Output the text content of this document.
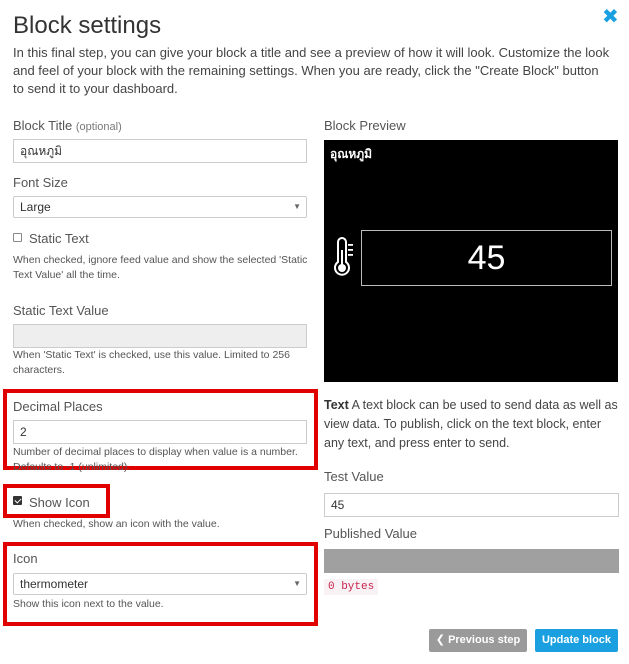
Block settings	✖
In this final step, you can give your block a title and see a preview of how it will look. Customize the look and feel of your block with the remaining settings. When you are ready, click the "Create Block" button to send it to your dashboard.
Block Title (optional)
อุณหภูมิ
Font Size
Large	▼
Static Text
When checked, ignore feed value and show the selected 'Static Text Value' all the time.
Static Text Value
When 'Static Text' is checked, use this value. Limited to 256 characters.
Decimal Places
2
Number of decimal places to display when value is a number. Defaults to -1 (unlimited).
Show Icon
When checked, show an icon with the value.
Icon
thermometer	▼
Show this icon next to the value.
Block Preview
อุณหภูมิ
45
Text A text block can be used to send data as well as view data. To publish, click on the text block, enter any text, and press enter to send.
Test Value
45
Published Value
0 bytes
❮ Previous step	Update block
